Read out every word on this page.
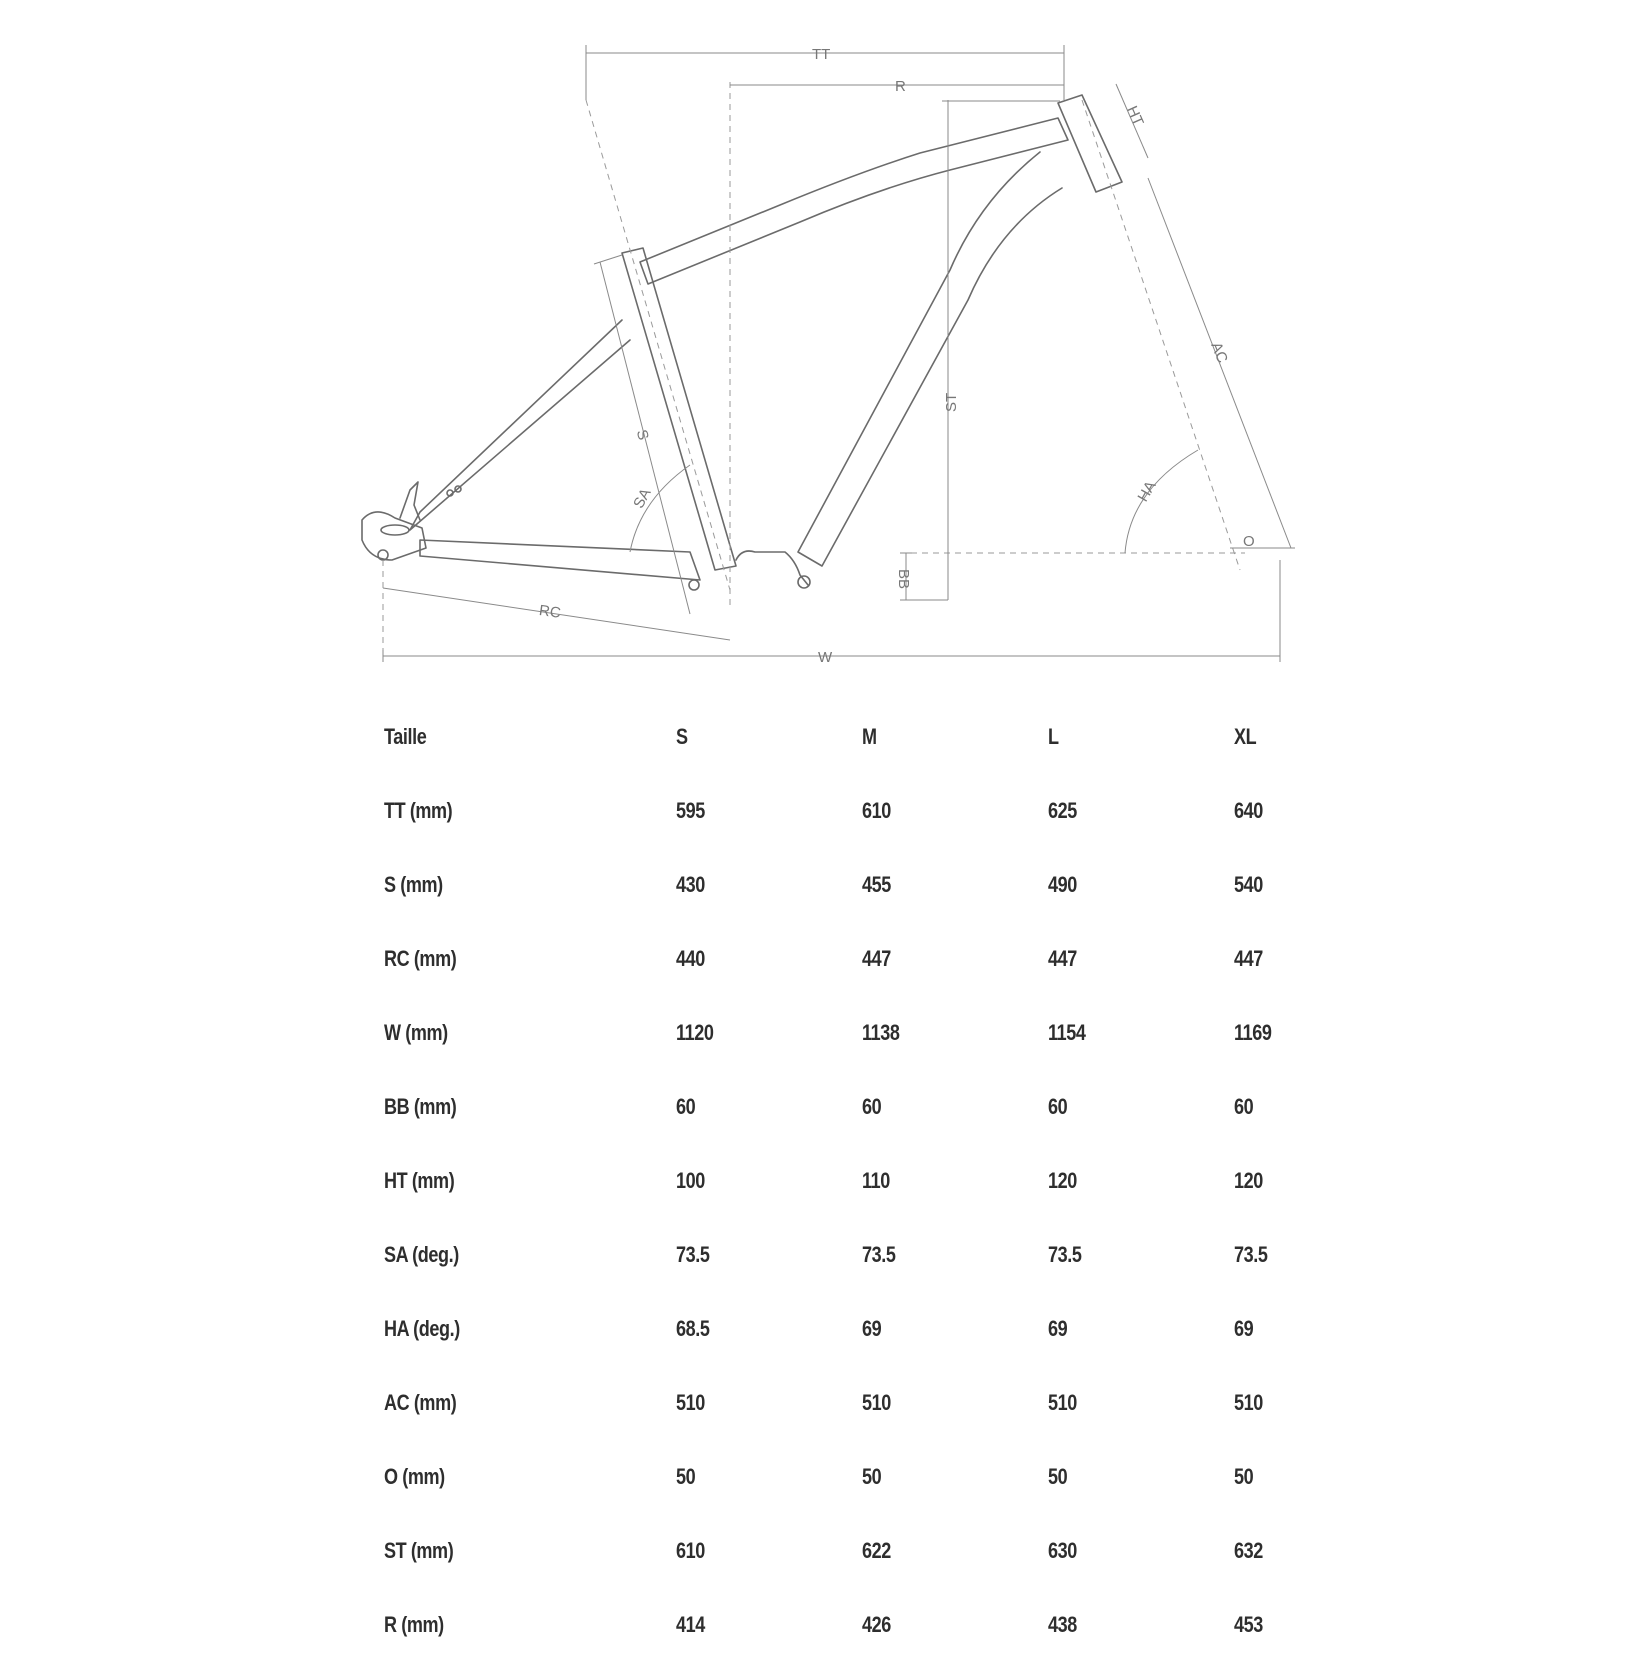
TT
R
HT
AC
ST
S
SA	HA
O
BB
RC
W
Taille	S	M	L	XL
TT (mm)	595	610	625	640
S (mm)	430	455	490	540
RC (mm)	440	447	447	447
W (mm)	1120	1138	1154	1169
BB (mm)	60	60	60	60
HT (mm)	100	110	120	120
SA (deg.)	73.5	73.5	73.5	73.5
HA (deg.)	68.5	69	69	69
AC (mm)	510	510	510	510
O (mm)	50	50	50	50
ST (mm)	610	622	630	632
R (mm)	414	426	438	453
